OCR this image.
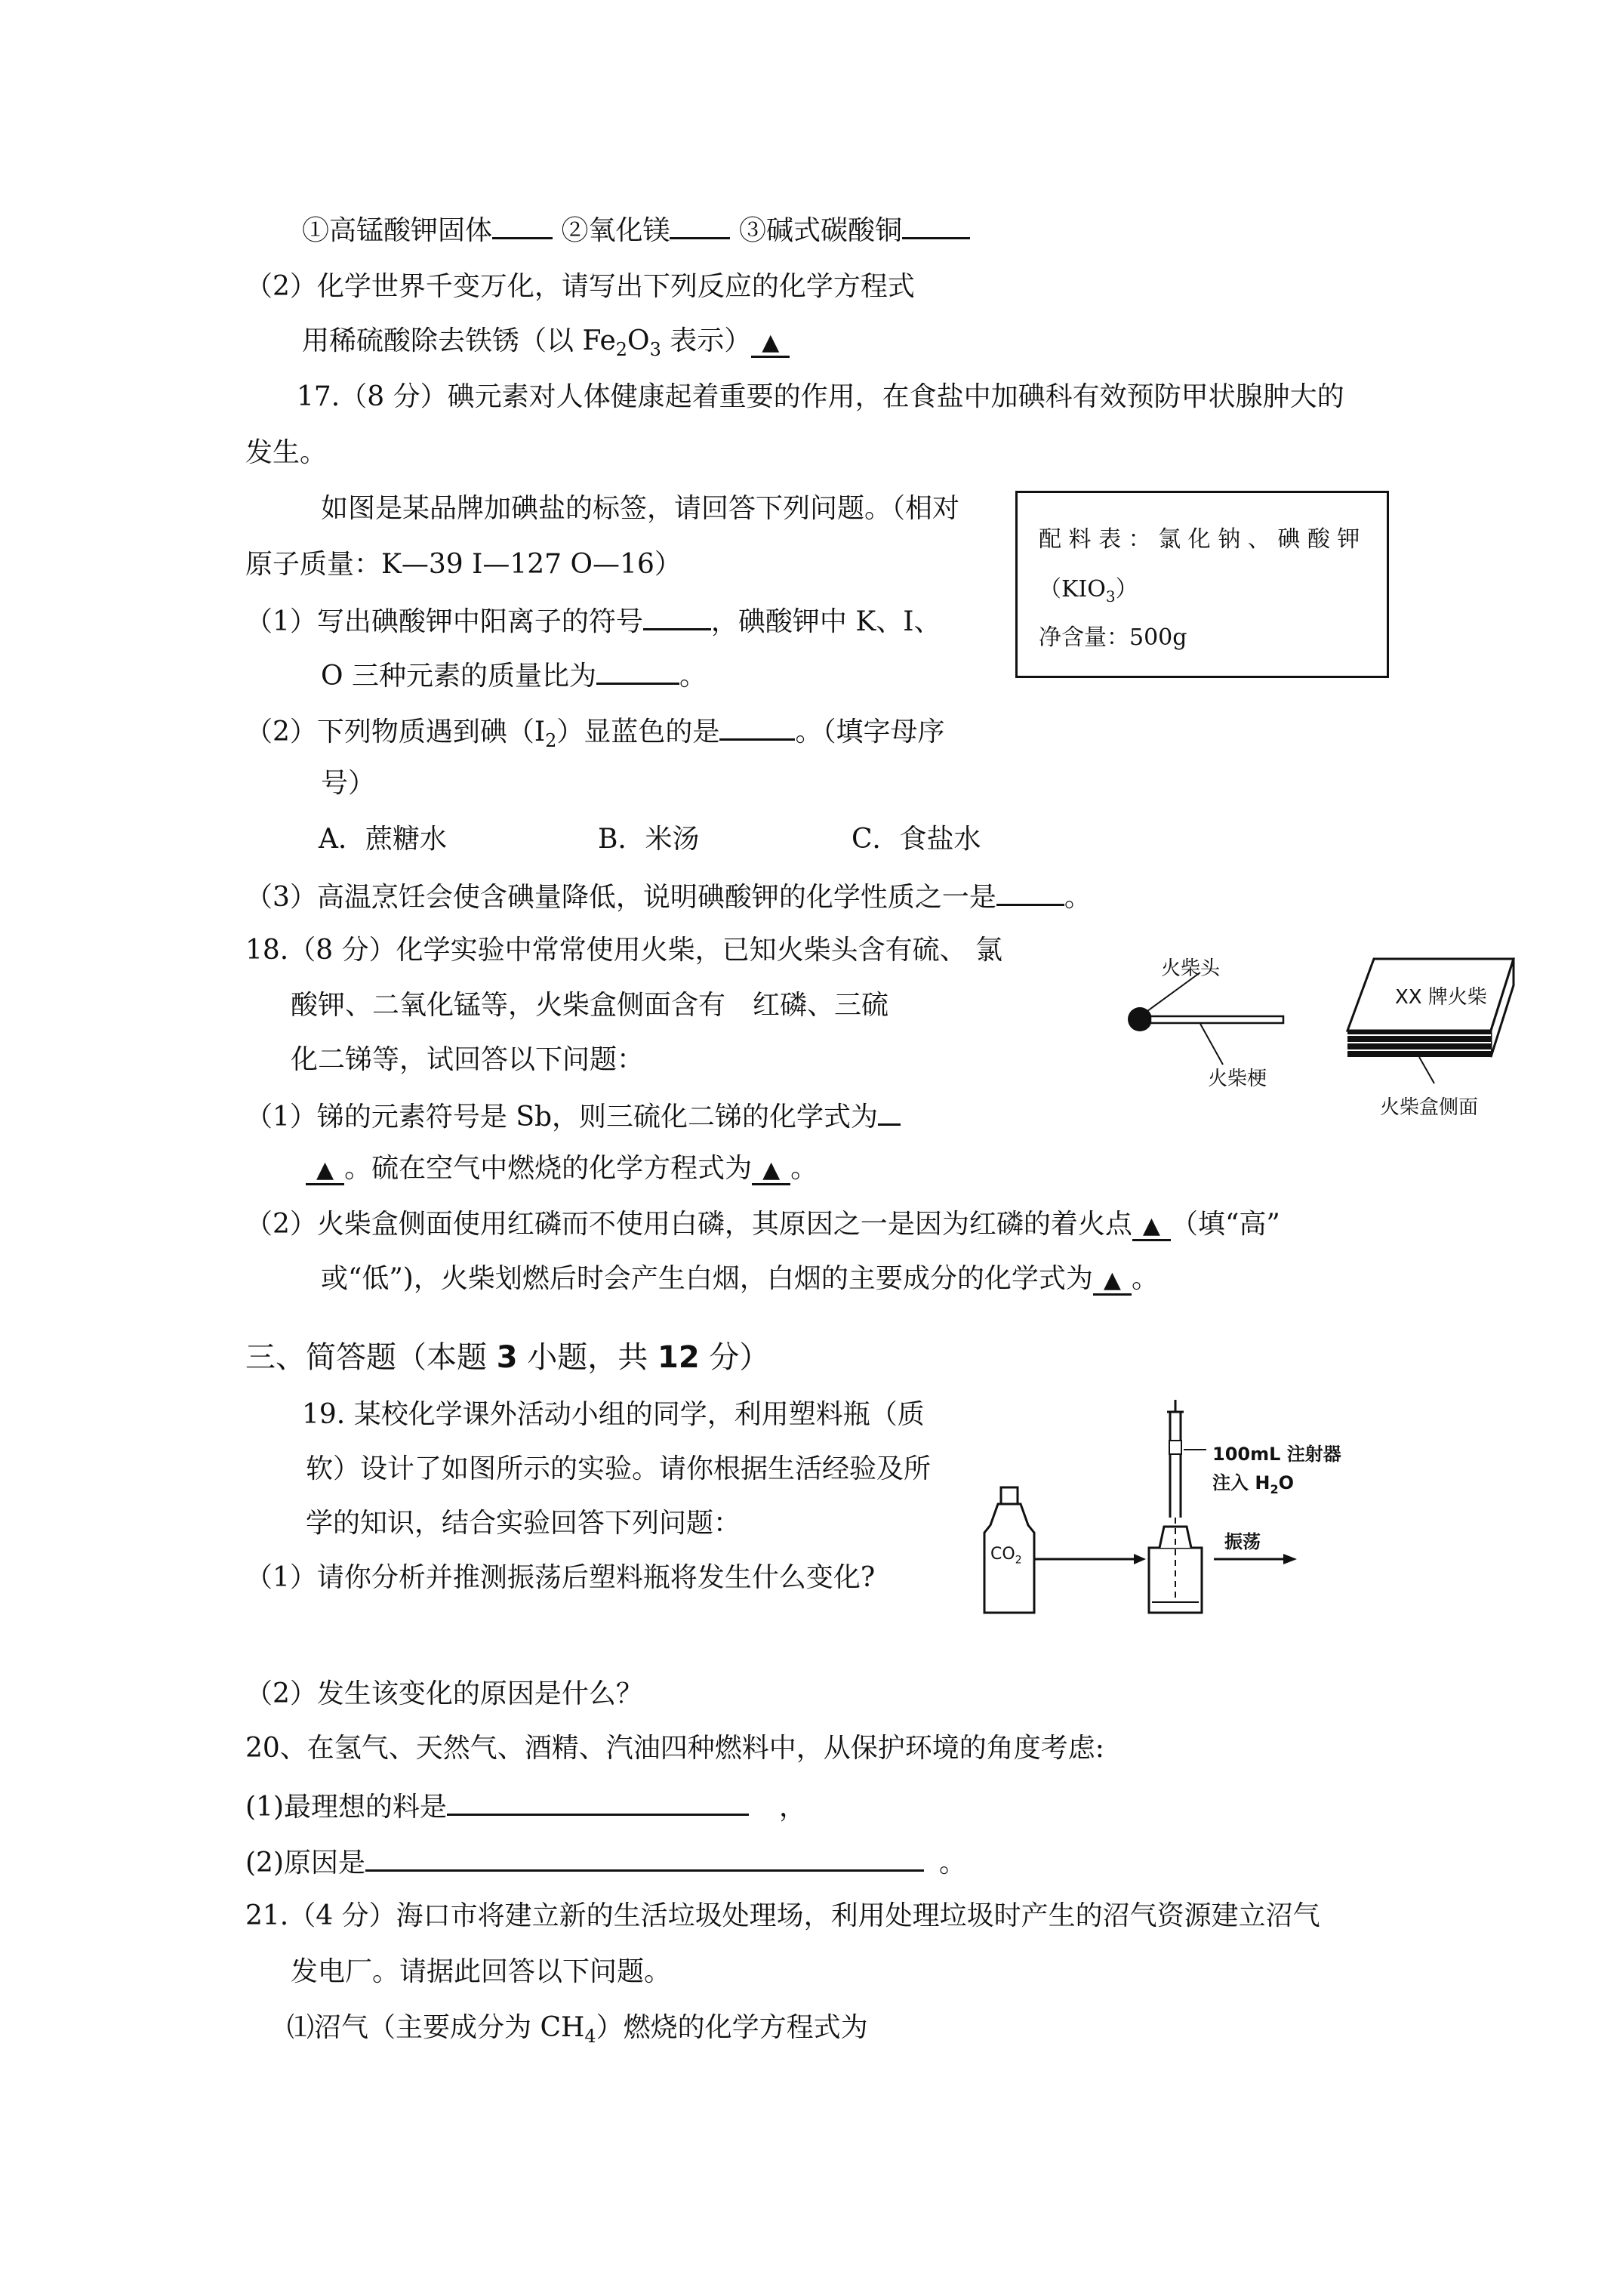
①高锰酸钾固体	②氧化镁	③碱式碳酸铜
（2）化学世界千变万化，请写出下列反应的化学方程式
用稀硫酸除去铁锈（以 $Fe_2O_3$ 表示） ▲
17.（8 分）碘元素对人体健康起着重要的作用，在食盐中加碘科有效预防甲状腺肿大的
发生。
如图是某品牌加碘盐的标签，请回答下列问题。（相对
原子质量：K—39 I—127 O—16）
（1）写出碘酸钾中阳离子的符号	，碘酸钾中 K、I、
O 三种元素的质量比为	。
配 料 表 ： 氯 化 钠 、 碘 酸 钾
$(KIO_3)$
净含量：500g
（2）下列物质遇到碘$(I_2)$显蓝色的是	。（填字母序
号）
A．蔗糖水	B．米汤	C．食盐水
（3）高温烹饪会使含碘量降低，说明碘酸钾的化学性质之一是	。
18.（8 分）化学实验中常常使用火柴，已知火柴头含有硫、 氯
酸钾、二氧化锰等，火柴盒侧面含有　红磷、三硫
化二锑等，试回答以下问题：
（1）锑的元素符号是 Sb，则三硫化二锑的化学式为
▲ 。硫在空气中燃烧的化学方程式为 ▲ 。
（2）火柴盒侧面使用红磷而不使用白磷，其原因之一是因为红磷的着火点 ▲ （填“高”
或“低”)，火柴划燃后时会产生白烟，白烟的主要成分的化学式为 ▲ 。
火柴头
火柴梗
XX 牌火柴
火柴盒侧面
三、简答题（本题 3 小题，共 12 分）
19. 某校化学课外活动小组的同学，利用塑料瓶（质
软）设计了如图所示的实验。请你根据生活经验及所
学的知识，结合实验回答下列问题：
（1）请你分析并推测振荡后塑料瓶将发生什么变化?
（2）发生该变化的原因是什么？
100mL 注射器
注入 $H_2O$
$CO_2$
振荡
20、在氢气、天然气、酒精、汽油四种燃料中，从保护环境的角度考虑:
(1)最理想的料是	，
(2)原因是	。
21.（4 分）海口市将建立新的生活垃圾处理场，利用处理垃圾时产生的沼气资源建立沼气
发电厂。请据此回答以下问题。
⑴沼气（主要成分为 $CH_4$）燃烧的化学方程式为
